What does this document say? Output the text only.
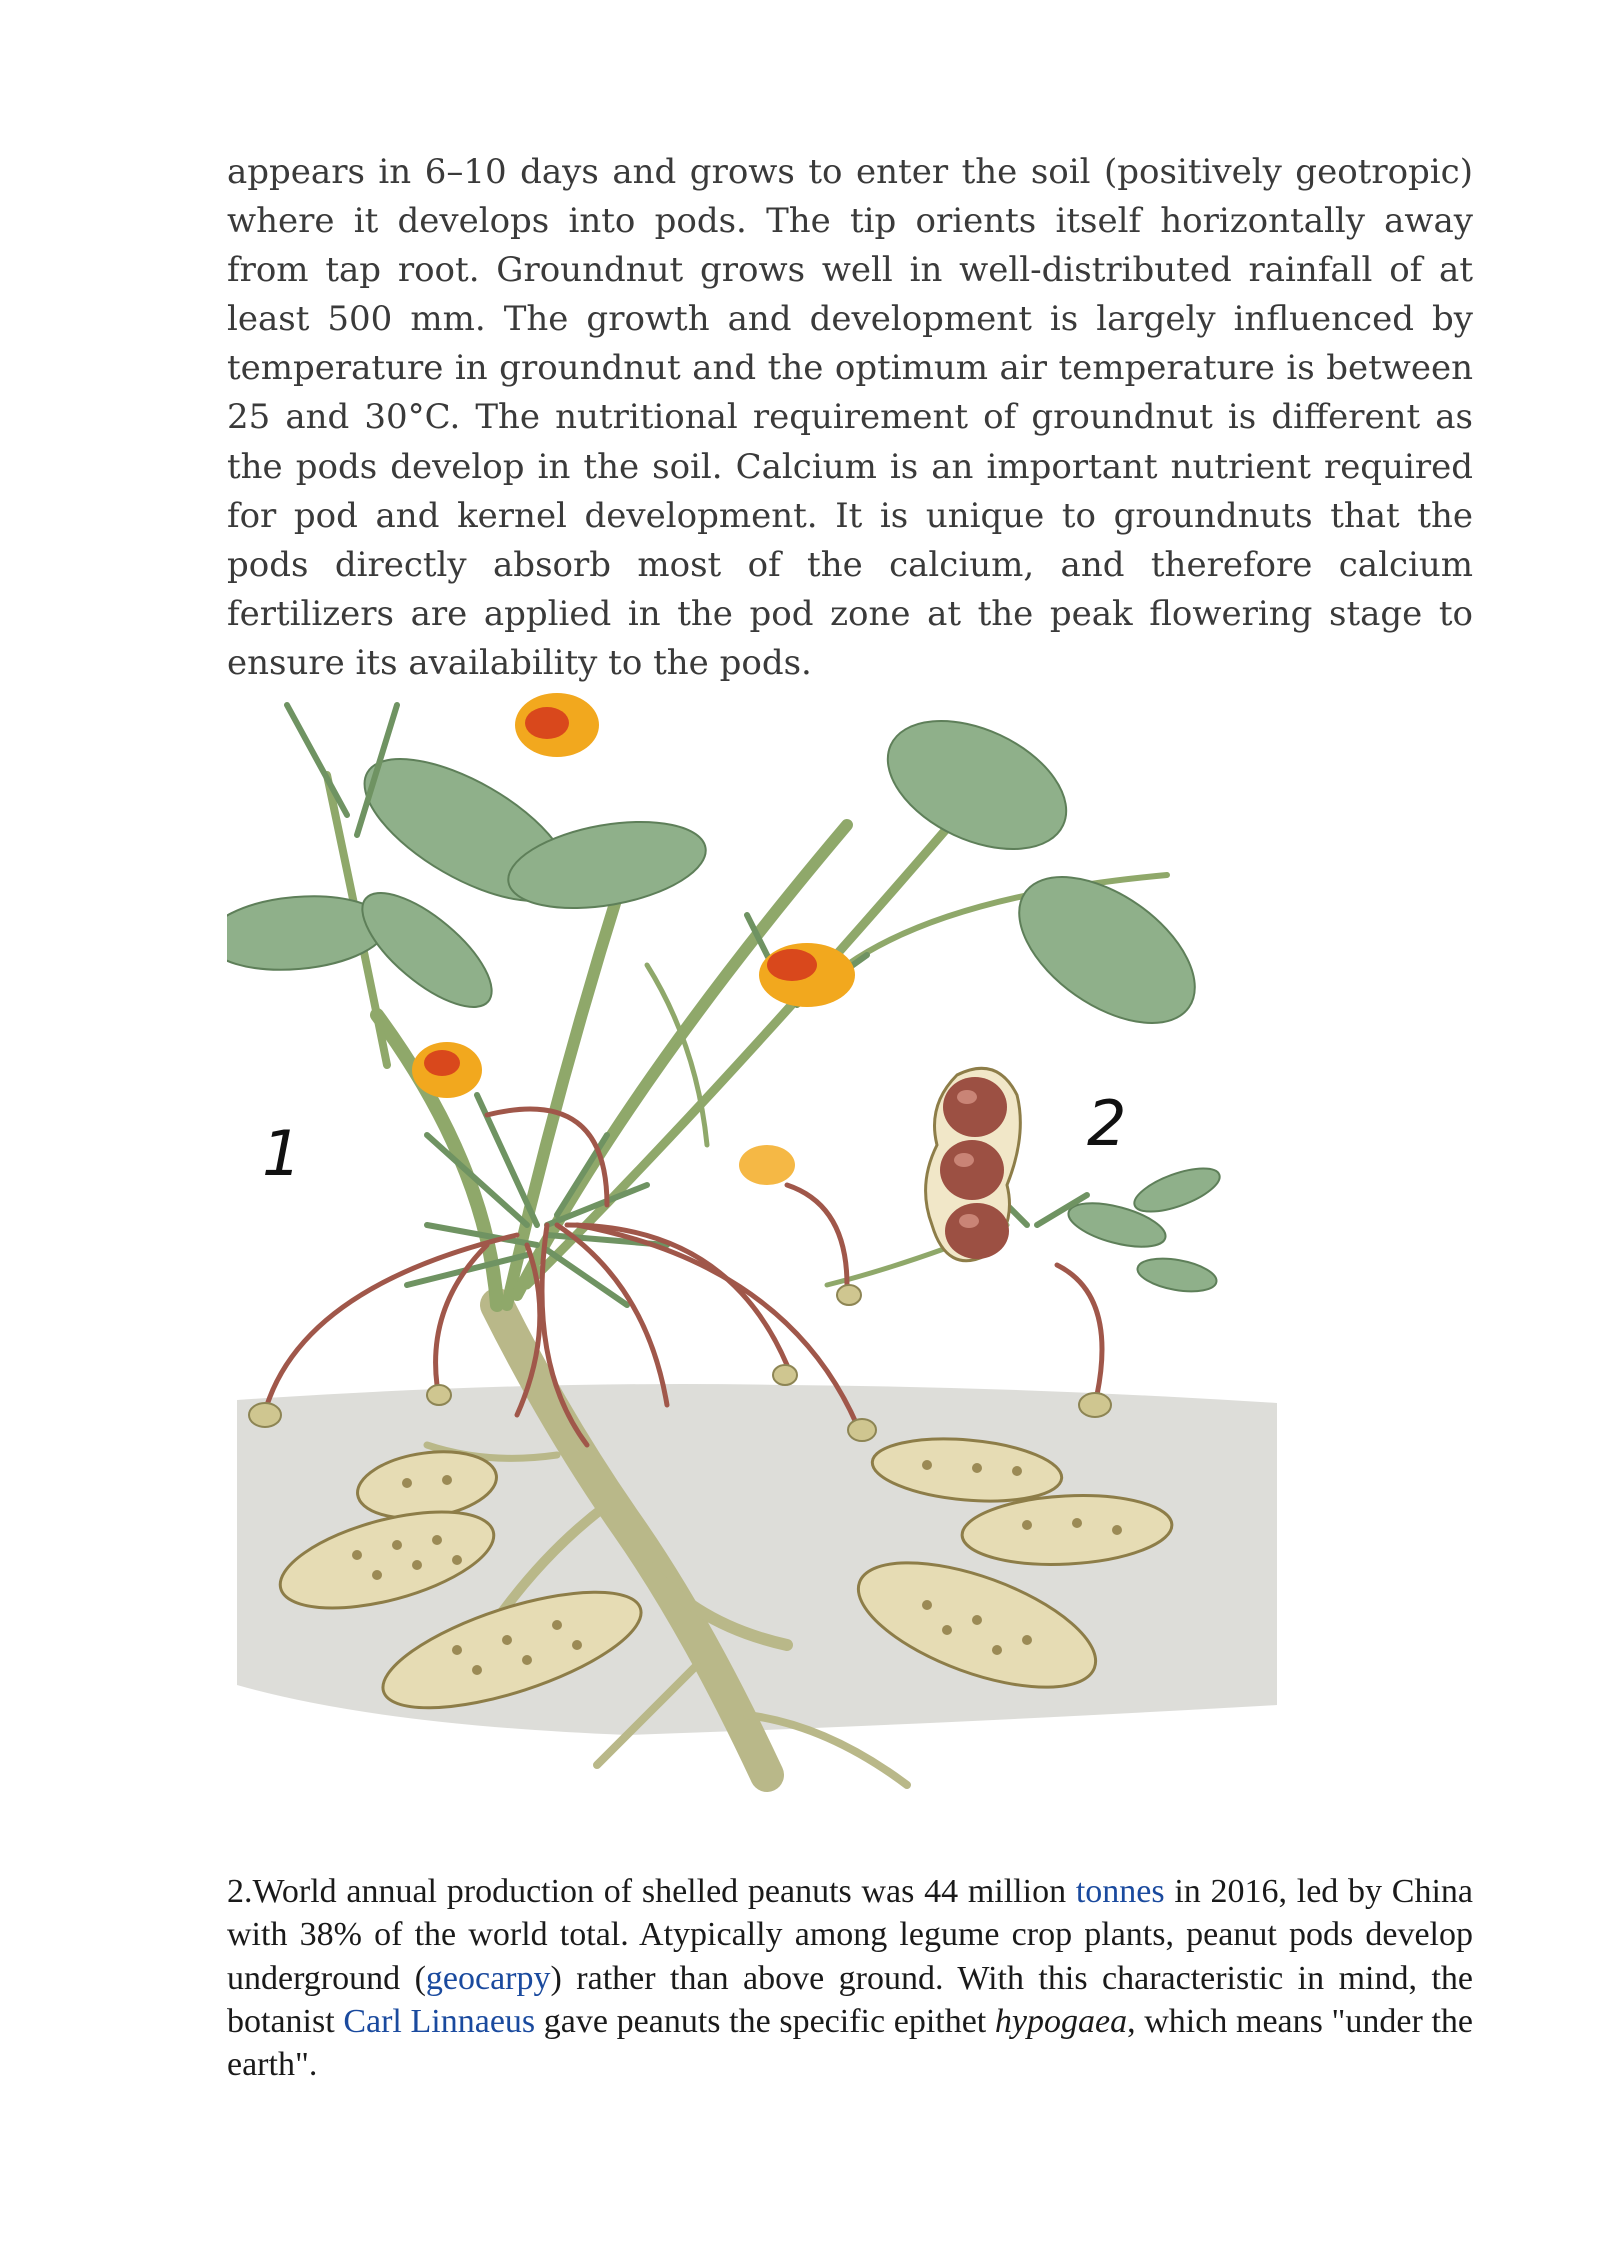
appears in 6–10 days and grows to enter the soil (positively geotropic) where it develops into pods. The tip orients itself horizontally away from tap root. Groundnut grows well in well-distributed rainfall of at least 500 mm. The growth and development is largely influenced by temperature in groundnut and the optimum air temperature is between 25 and 30°C. The nutritional requirement of groundnut is different as the pods develop in the soil. Calcium is an important nutrient required for pod and kernel development. It is unique to groundnuts that the pods directly absorb most of the calcium, and therefore calcium fertilizers are applied in the pod zone at the peak flowering stage to ensure its availability to the pods.

1	2

2.World annual production of shelled peanuts was 44 million tonnes in 2016, led by China with 38% of the world total. Atypically among legume crop plants, peanut pods develop underground (geocarpy) rather than above ground. With this characteristic in mind, the botanist Carl Linnaeus gave peanuts the specific epithet hypogaea, which means "under the earth".
